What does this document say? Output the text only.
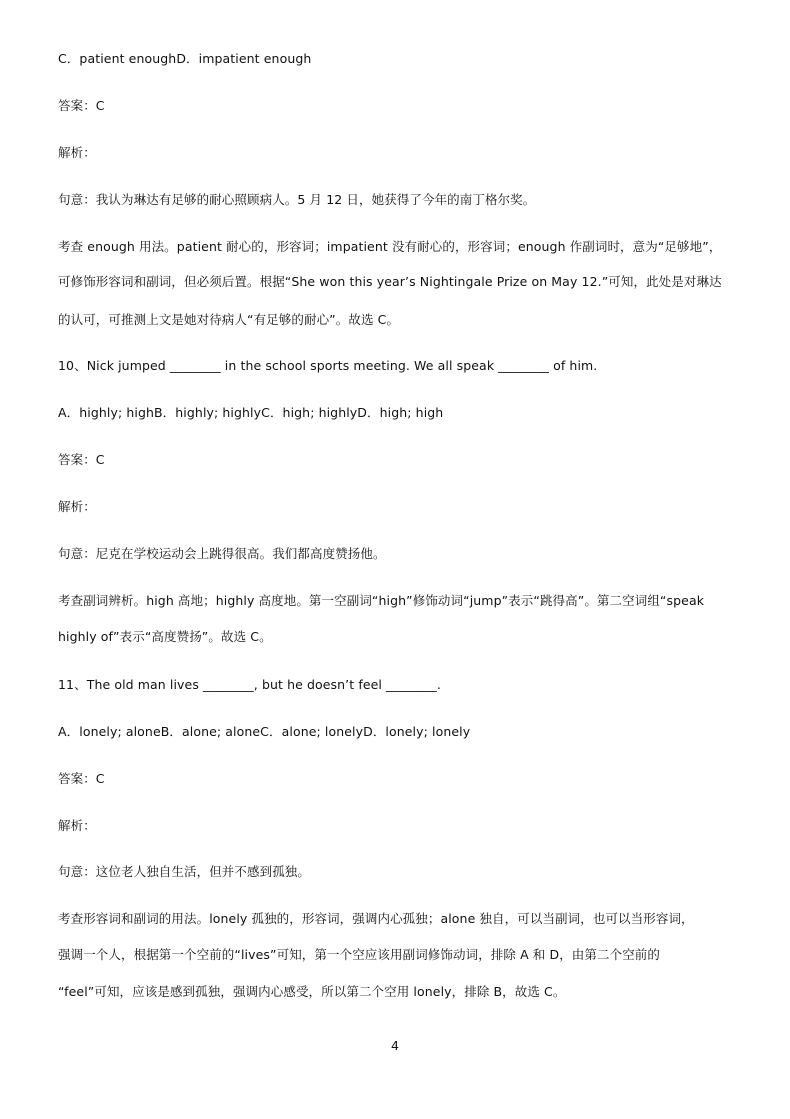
C．patient enoughD．impatient enough
答案：C
解析：
句意：我认为琳达有足够的耐心照顾病人。5 月 12 日，她获得了今年的南丁格尔奖。
考查 enough 用法。patient 耐心的，形容词；impatient 没有耐心的，形容词；enough 作副词时，意为“足够地”，
可修饰形容词和副词，但必须后置。根据“She won this year’s Nightingale Prize on May 12.”可知，此处是对琳达
的认可，可推测上文是她对待病人“有足够的耐心”。故选 C。
10、Nick jumped ________ in the school sports meeting. We all speak ________ of him.
A．highly; highB．highly; highlyC．high; highlyD．high; high
答案：C
解析：
句意：尼克在学校运动会上跳得很高。我们都高度赞扬他。
考查副词辨析。high 高地；highly 高度地。第一空副词“high”修饰动词“jump”表示“跳得高”。第二空词组“speak
highly of”表示“高度赞扬”。故选 C。
11、The old man lives ________, but he doesn’t feel ________.
A．lonely; aloneB．alone; aloneC．alone; lonelyD．lonely; lonely
答案：C
解析：
句意：这位老人独自生活，但并不感到孤独。
考查形容词和副词的用法。lonely 孤独的，形容词，强调内心孤独；alone 独自，可以当副词，也可以当形容词，
强调一个人，根据第一个空前的“lives”可知，第一个空应该用副词修饰动词，排除 A 和 D，由第二个空前的
“feel”可知，应该是感到孤独，强调内心感受，所以第二个空用 lonely，排除 B，故选 C。
4
